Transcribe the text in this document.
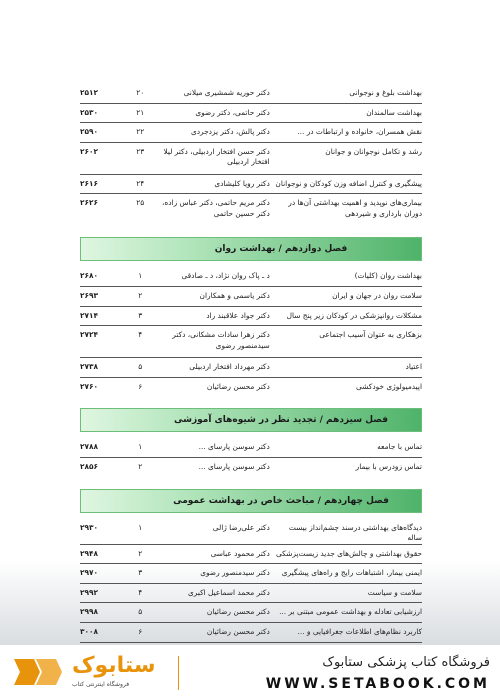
بهداشت بلوغ و نوجوانی
دکتر حوریه شمشیری میلانی
۲۰
۲۵۱۲
بهداشت سالمندان
دکتر حاتمی، دکتر رضوی
۲۱
۲۵۳۰
نقش همسران، خانواده و ارتباطات در ...
دکتر پالش، دکتر یزدجردی
۲۲
۲۵۹۰
رشد و تکامل نوجوانان و جوانان
دکتر حسن افتخار اردبیلی، دکتر لیلا افتخار اردبیلی
۲۳
۲۶۰۲
پیشگیری و کنترل اضافه وزن کودکان و نوجوانان
دکتر رویا کلیشادی
۲۴
۲۶۱۶
بیماری‌های نوپدید و اهمیت بهداشتی آن‌ها در دوران بارداری و شیردهی
دکتر مریم حاتمی، دکتر عباس زاده، دکتر حسین حاتمی
۲۵
۲۶۲۶
فصل دوازدهم / بهداشت روان
بهداشت روان (کلیات)
د ـ پاک روان نژاد، د ـ صادقی
۱
۲۶۸۰
سلامت روان در جهان و ایران
دکتر یاسمی و همکاران
۲
۲۶۹۳
مشکلات روانپزشکی در کودکان زیر پنج سال
دکتر جواد علاقبند راد
۳
۲۷۱۴
بزهکاری به عنوان آسیب اجتماعی
دکتر زهرا سادات مشکانی، دکتر سیدمنصور رضوی
۴
۲۷۲۴
اعتیاد
دکتر مهرداد افتخار اردبیلی
۵
۲۷۳۸
اپیدمیولوژی خودکشی
دکتر محسن رضائیان
۶
۲۷۶۰
فصل سیزدهم / تجدید نظر در شیوه‌های آموزشی
تماس با جامعه
دکتر سوسن پارسای ...
۱
۲۷۸۸
تماس زودرس با بیمار
دکتر سوسن پارسای ...
۲
۲۸۵۶
فصل چهاردهم / مباحث خاص در بهداشت عمومی
دیدگاه‌های بهداشتی درسند چشم‌انداز بیست ساله
دکتر علی‌رضا ژالی
۱
۲۹۳۰
حقوق بهداشتی و چالش‌های جدید زیست‌پزشکی
دکتر محمود عباسی
۲
۲۹۴۸
ایمنی بیمار، اشتباهات رایج و راه‌های پیشگیری
دکتر سیدمنصور رضوی
۳
۲۹۷۰
سلامت و سیاست
دکتر محمد اسماعیل اکبری
۴
۲۹۹۲
ارزشیابی تعادله و بهداشت عمومی مبتنی بر ...
دکتر محسن رضائیان
۵
۲۹۹۸
کاربرد نظام‌های اطلاعات جغرافیایی و ...
دکتر محسن رضائیان
۶
۳۰۰۸
ستابوک
فروشگاه اینترنتی کتاب
فروشگاه کتاب پزشکی ستابوک
WWW.SETABOOK.COM
